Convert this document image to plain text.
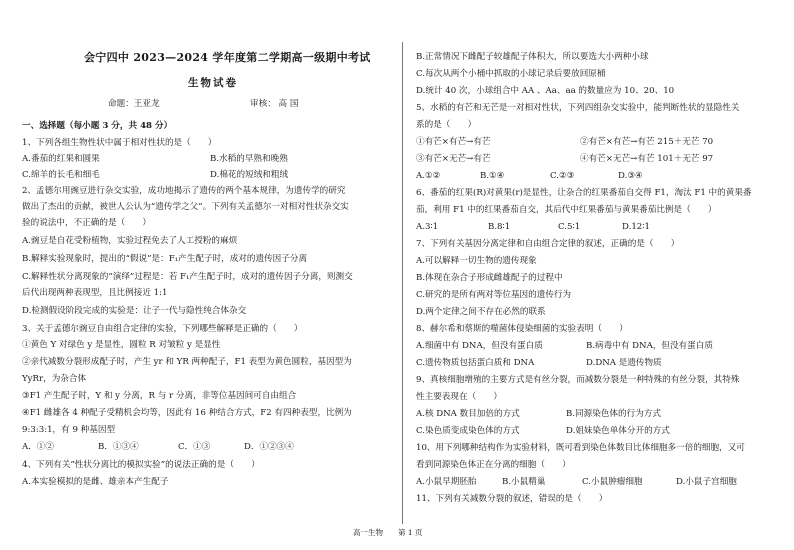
会宁四中 2023—2024 学年度第二学期高一级期中考试
生物试卷
命题：王亚龙	审核： 高 国
一、选择题（每小题 3 分，共 48 分）
1、下列各组生物性状中属于相对性状的是（　　）
A.番茄的红果和圆果	B.水稻的早熟和晚熟
C.绵羊的长毛和细毛	D.棉花的短绒和粗绒
2、孟德尔用豌豆进行杂交实验，成功地揭示了遗传的两个基本规律，为遗传学的研究
做出了杰出的贡献，被世人公认为“遗传学之父”。下列有关孟德尔一对相对性状杂交实
验的说法中，不正确的是（　　）
A.豌豆是自花受粉植物，实验过程免去了人工授粉的麻烦
B.解释实验现象时，提出的“假说”是：F₁产生配子时，成对的遗传因子分离
C.解释性状分离现象的“演绎”过程是：若 F₁产生配子时，成对的遗传因子分离，则测交
后代出现两种表现型，且比例接近 1:1
D.检测假设阶段完成的实验是：让子一代与隐性纯合体杂交
3、关于孟德尔豌豆自由组合定律的实验，下列哪些解释是正确的（　　）
①黄色 Y 对绿色 y 是显性，圆粒 R 对皱粒 y 是显性
②亲代减数分裂形成配子时，产生 yr 和 YR 两种配子，F1 表型为黄色圆粒，基因型为
YyRr，为杂合体
③F1 产生配子时，Y 和 y 分离，R 与 r 分离，非等位基因间可自由组合
④F1 雌雄各 4 种配子受精机会均等，因此有 16 种结合方式，F2 有四种表型，比例为
9:3:3:1，有 9 种基因型
A．①②	B．①③④	C．①③	D．①②③④
4、下列有关“性状分离比的模拟实验”的说法正确的是（　　）
A.本实验模拟的是雌、雄亲本产生配子
B.正常情况下雌配子较雄配子体积大，所以要选大小两种小球
C.每次从两个小桶中抓取的小球记录后要放回原桶
D.统计 40 次，小球组合中 AA 、Aa、aa 的数量应为 10、20、10
5、水稻的有芒和无芒是一对相对性状，下列四组杂交实验中，能判断性状的显隐性关
系的是（　　）
①有芒×有芒→有芒	②有芒×有芒→有芒 215＋无芒 70
③有芒×无芒→有芒	④有芒×无芒→有芒 101＋无芒 97
A.①②	B.①④	C.②③	D.③④
6、番茄的红果(R)对黄果(r)是显性，让杂合的红果番茄自交得 F1，淘汰 F1 中的黄果番
茄，利用 F1 中的红果番茄自交，其后代中红果番茄与黄果番茄比例是（　　）
A.3∶1	B.8∶1	C.5∶1	D.12∶1
7、下列有关基因分离定律和自由组合定律的叙述，正确的是（　　）
A.可以解释一切生物的遗传现象
B.体现在杂合子形成雌雄配子的过程中
C.研究的是所有两对等位基因的遗传行为
D.两个定律之间不存在必然的联系
8、赫尔希和蔡斯的噬菌体侵染细菌的实验表明（　　）
A.细菌中有 DNA，但没有蛋白质	B.病毒中有 DNA，但没有蛋白质
C.遗传物质包括蛋白质和 DNA	D.DNA 是遗传物质
9、真核细胞增殖的主要方式是有丝分裂，而减数分裂是一种特殊的有丝分裂，其特殊
性主要表现在（　　）
A.核 DNA 数目加倍的方式	B.同源染色体的行为方式
C.染色质变成染色体的方式	D.姐妹染色单体分开的方式
10、用下列哪种结构作为实验材料，既可看到染色体数目比体细胞多一倍的细胞，又可
看到同源染色体正在分离的细胞（　　）
A.小鼠早期胚胎	B.小鼠精巢	C.小鼠肿瘤细胞	D.小鼠子宫细胞
11、下列有关减数分裂的叙述，错误的是（　　）
高一生物　　第 1 页
